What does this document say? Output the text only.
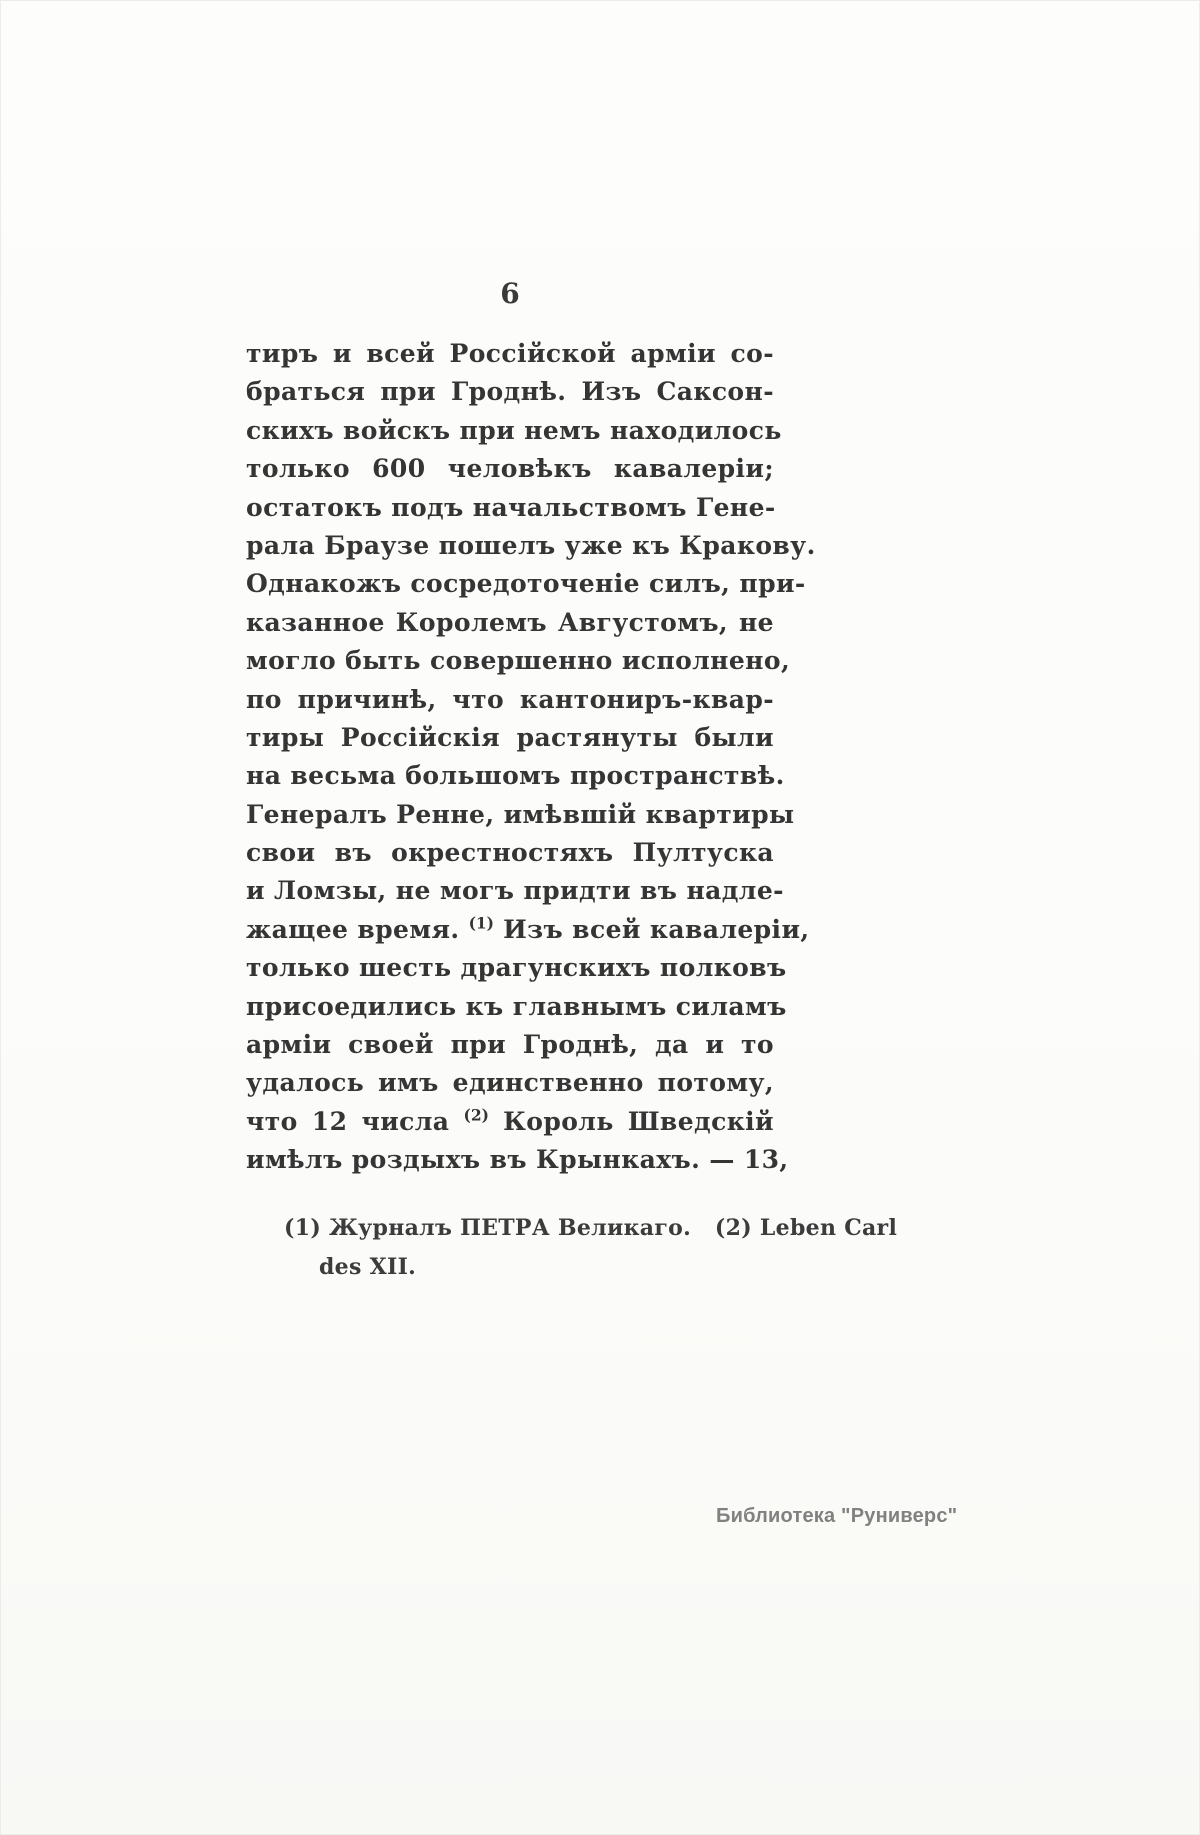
6
тиръ и всей Россійской арміи со-
браться при Гроднѣ. Изъ Саксон-
скихъ войскъ при немъ находилось
только 600 человѣкъ кавалеріи;
остатокъ подъ начальствомъ Гене-
рала Браузе пошелъ уже къ Кракову.
Однакожъ сосредоточеніе силъ, при-
казанное Королемъ Августомъ, не
могло быть совершенно исполнено,
по причинѣ, что кантониръ-квар-
тиры Россійскія растянуты были
на весьма большомъ пространствѣ.
Генералъ Ренне, имѣвшій квартиры
свои въ окрестностяхъ Пултуска
и Ломзы, не могъ придти въ надле-
жащее время. $^{(1)}$ Изъ всей кавалеріи,
только шесть драгунскихъ полковъ
присоедились къ главнымъ силамъ
арміи своей при Гроднѣ, да и то
удалось имъ единственно потому,
что 12 числа $^{(2)}$ Король Шведскій
имѣлъ роздыхъ въ Крынкахъ. — 13,
(1) Журналъ ПЕТРА Великаго.   (2) Leben Carl
des XII.
Библиотека "Руниверс"
